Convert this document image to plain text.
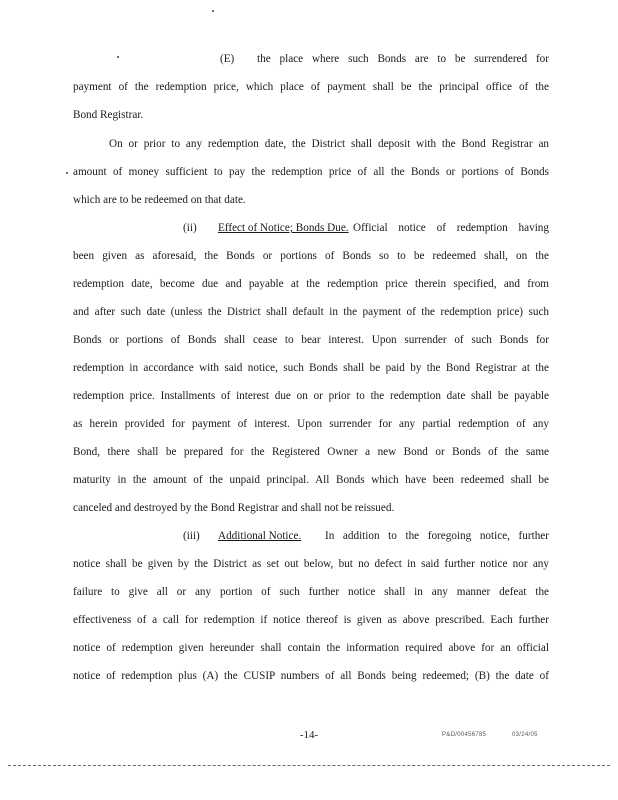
(E) the place where such Bonds are to be surrendered for
payment of the redemption price, which place of payment shall be the principal office of the
Bond Registrar.
On or prior to any redemption date, the District shall deposit with the Bond Registrar an
amount of money sufficient to pay the redemption price of all the Bonds or portions of Bonds
which are to be redeemed on that date.
(ii) Effect of Notice; Bonds Due. Official notice of redemption having
been given as aforesaid, the Bonds or portions of Bonds so to be redeemed shall, on the
redemption date, become due and payable at the redemption price therein specified, and from
and after such date (unless the District shall default in the payment of the redemption price) such
Bonds or portions of Bonds shall cease to bear interest. Upon surrender of such Bonds for
redemption in accordance with said notice, such Bonds shall be paid by the Bond Registrar at the
redemption price. Installments of interest due on or prior to the redemption date shall be payable
as herein provided for payment of interest. Upon surrender for any partial redemption of any
Bond, there shall be prepared for the Registered Owner a new Bond or Bonds of the same
maturity in the amount of the unpaid principal. All Bonds which have been redeemed shall be
canceled and destroyed by the Bond Registrar and shall not be reissued.
(iii) Additional Notice. In addition to the foregoing notice, further
notice shall be given by the District as set out below, but no defect in said further notice nor any
failure to give all or any portion of such further notice shall in any manner defeat the
effectiveness of a call for redemption if notice thereof is given as above prescribed. Each further
notice of redemption given hereunder shall contain the information required above for an official
notice of redemption plus (A) the CUSIP numbers of all Bonds being redeemed; (B) the date of
-14-	P&D/00456785	03/24/05
